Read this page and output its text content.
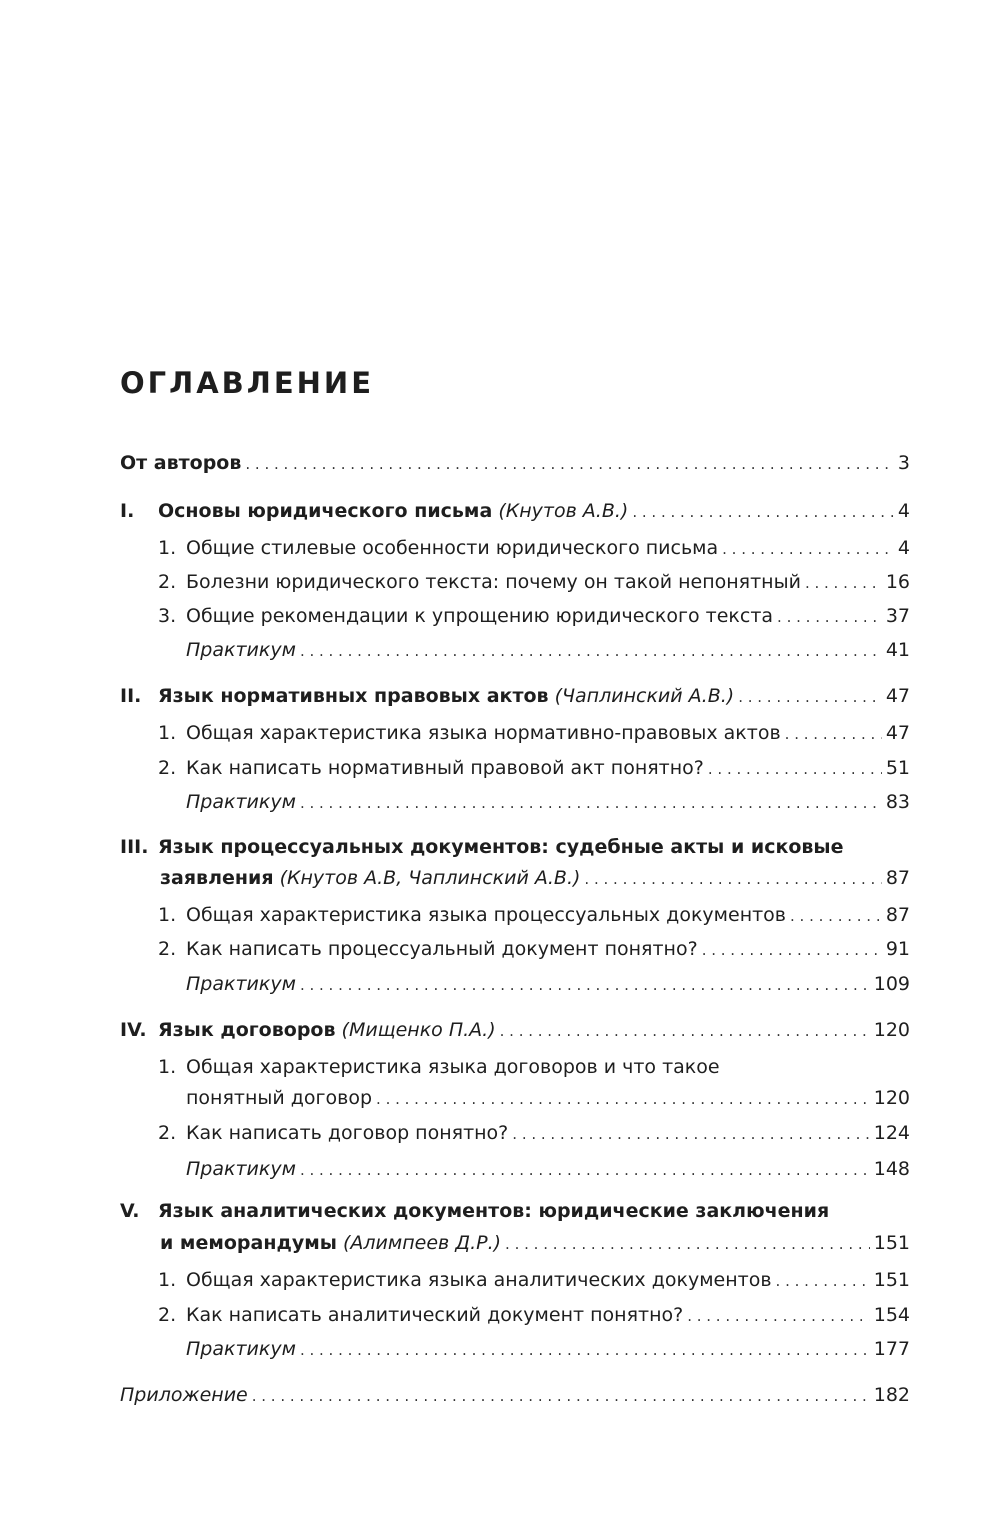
ОГЛАВЛЕНИЕ
От авторов . . .	3
I. Основы юридического письма (Кнутов А.В.) . . .	4
1. Общие стилевые особенности юридического письма . . .	4
2. Болезни юридического текста: почему он такой непонятный . . .	16
3. Общие рекомендации к упрощению юридического текста . . .	37
Практикум . . .	41
II. Язык нормативных правовых актов (Чаплинский А.В.) . . .	47
1. Общая характеристика языка нормативно-правовых актов . . .	47
2. Как написать нормативный правовой акт понятно? . . .	51
Практикум . . .	83
III. Язык процессуальных документов: судебные акты и исковые
заявления (Кнутов А.В, Чаплинский А.В.) . . .	87
1. Общая характеристика языка процессуальных документов . . .	87
2. Как написать процессуальный документ понятно? . . .	91
Практикум . . .	109
IV. Язык договоров (Мищенко П.А.) . . .	120
1. Общая характеристика языка договоров и что такое
понятный договор . . .	120
2. Как написать договор понятно? . . .	124
Практикум . . .	148
V. Язык аналитических документов: юридические заключения
и меморандумы (Алимпеев Д.Р.) . . .	151
1. Общая характеристика языка аналитических документов . . .	151
2. Как написать аналитический документ понятно? . . .	154
Практикум . . .	177
Приложение . . .	182
